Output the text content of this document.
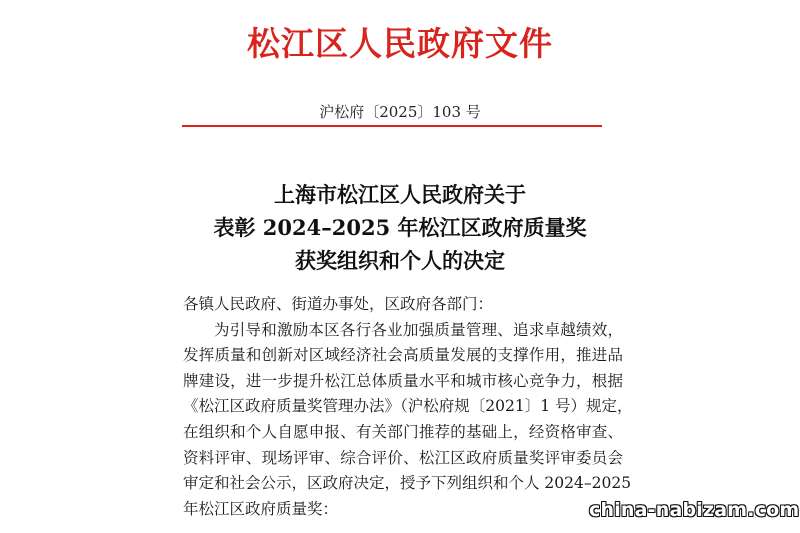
松江区人民政府文件
沪松府〔2025〕103 号
上海市松江区人民政府关于
表彰 2024–2025 年松江区政府质量奖
获奖组织和个人的决定
各镇人民政府、街道办事处，区政府各部门：
为引导和激励本区各行各业加强质量管理、追求卓越绩效，
发挥质量和创新对区域经济社会高质量发展的支撑作用，推进品
牌建设，进一步提升松江总体质量水平和城市核心竞争力，根据
《松江区政府质量奖管理办法》（沪松府规〔2021〕1 号）规定，
在组织和个人自愿申报、有关部门推荐的基础上，经资格审查、
资料评审、现场评审、综合评价、松江区政府质量奖评审委员会
审定和社会公示，区政府决定，授予下列组织和个人 2024–2025
年松江区政府质量奖：	china-nabizam.com
